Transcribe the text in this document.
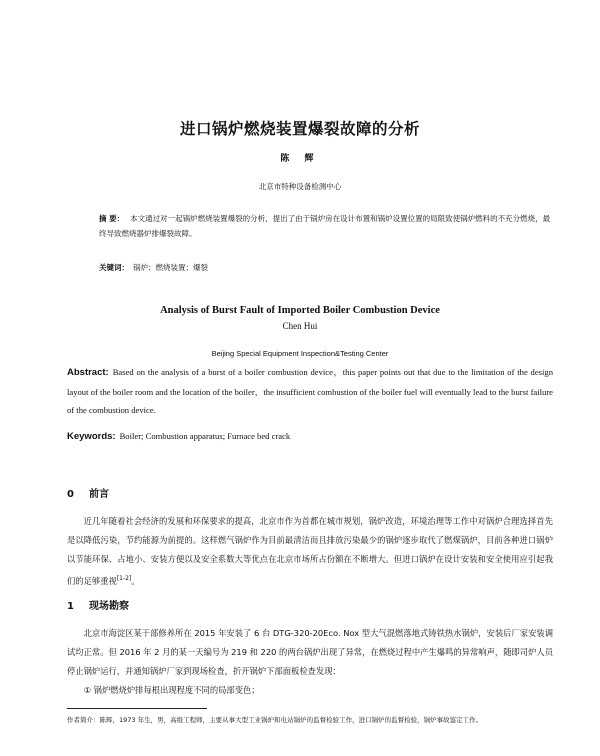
进口锅炉燃烧装置爆裂故障的分析
陈 辉
北京市特种设备检测中心
摘 要： 本文通过对一起锅炉燃烧装置爆裂的分析，提出了由于锅炉房在设计布置和锅炉设置位置的局限致使锅炉燃料的不充分燃烧，最终导致燃烧器炉排爆裂故障。
关键词： 锅炉；燃烧装置；爆裂
Analysis of Burst Fault of Imported Boiler Combustion Device
Chen Hui
Beijing Special Equipment Inspection&Testing Center
Abstract: Based on the analysis of a burst of a boiler combustion device，this paper points out that due to the limitation of the design layout of the boiler room and the location of the boiler，the insufficient combustion of the boiler fuel will eventually lead to the burst failure of the combustion device.
Keywords: Boiler; Combustion apparatus; Furnace bed crack
0 前言

近几年随着社会经济的发展和环保要求的提高，北京市作为首都在城市规划，锅炉改造，环境治理等工作中对锅炉合理选择首先是以降低污染，节约能源为前提的。这样燃气锅炉作为目前最清洁而且排放污染最少的锅炉逐步取代了燃煤锅炉，目前各种进口锅炉以节能环保、占地小、安装方便以及安全系数大等优点在北京市场所占份额在不断增大。但进口锅炉在设计安装和安全使用应引起我们的足够重视[1-2]。

1 现场勘察

北京市海淀区某干部修养所在 2015 年安装了 6 台 DTG-320-20Eco. Nox 型大气混燃落地式铸铁热水锅炉，安装后厂家安装调试均正常。但 2016 年 2 月的某一天编号为 219 和 220 的两台锅炉出现了异常，在燃烧过程中产生爆鸣的异常响声，随即司炉人员停止锅炉运行，并通知锅炉厂家到现场检查，折开锅炉下部面板检查发现：

① 锅炉燃烧炉排每根出现程度不同的局部变色；

作者简介：陈辉，1973 年生，男，高级工程师，主要从事大型工业锅炉和电站锅炉的监督检验工作，进口锅炉的监督检验，锅炉事故鉴定工作。
